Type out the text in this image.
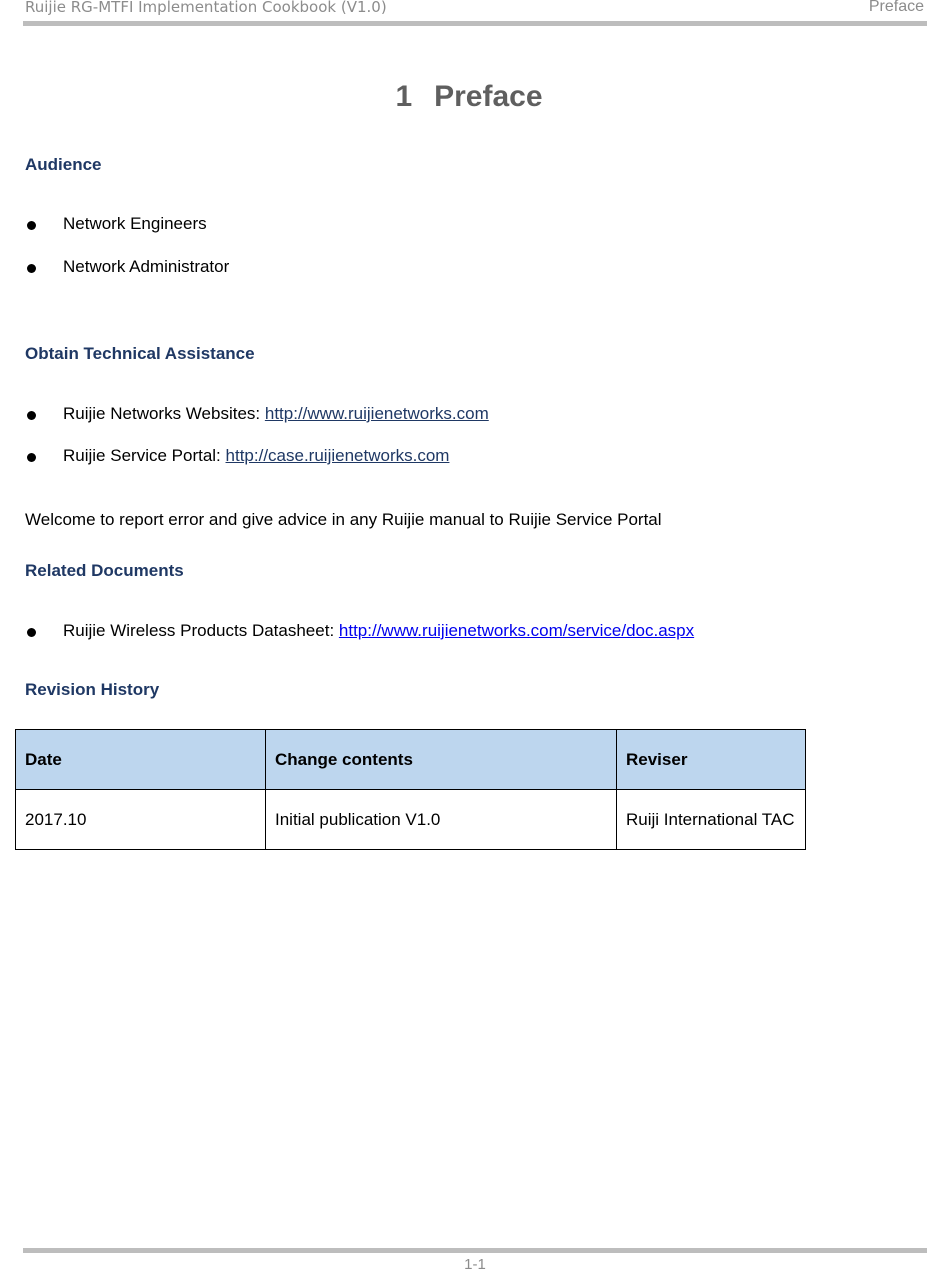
Ruijie RG-MTFI Implementation Cookbook (V1.0)	Preface
1 Preface
Audience
Network Engineers
Network Administrator
Obtain Technical Assistance
Ruijie Networks Websites: http://www.ruijienetworks.com
Ruijie Service Portal: http://case.ruijienetworks.com
Welcome to report error and give advice in any Ruijie manual to Ruijie Service Portal
Related Documents
Ruijie Wireless Products Datasheet: http://www.ruijienetworks.com/service/doc.aspx
Revision History
Date	Change contents	Reviser
2017.10	Initial publication V1.0	Ruiji International TAC
1-1
